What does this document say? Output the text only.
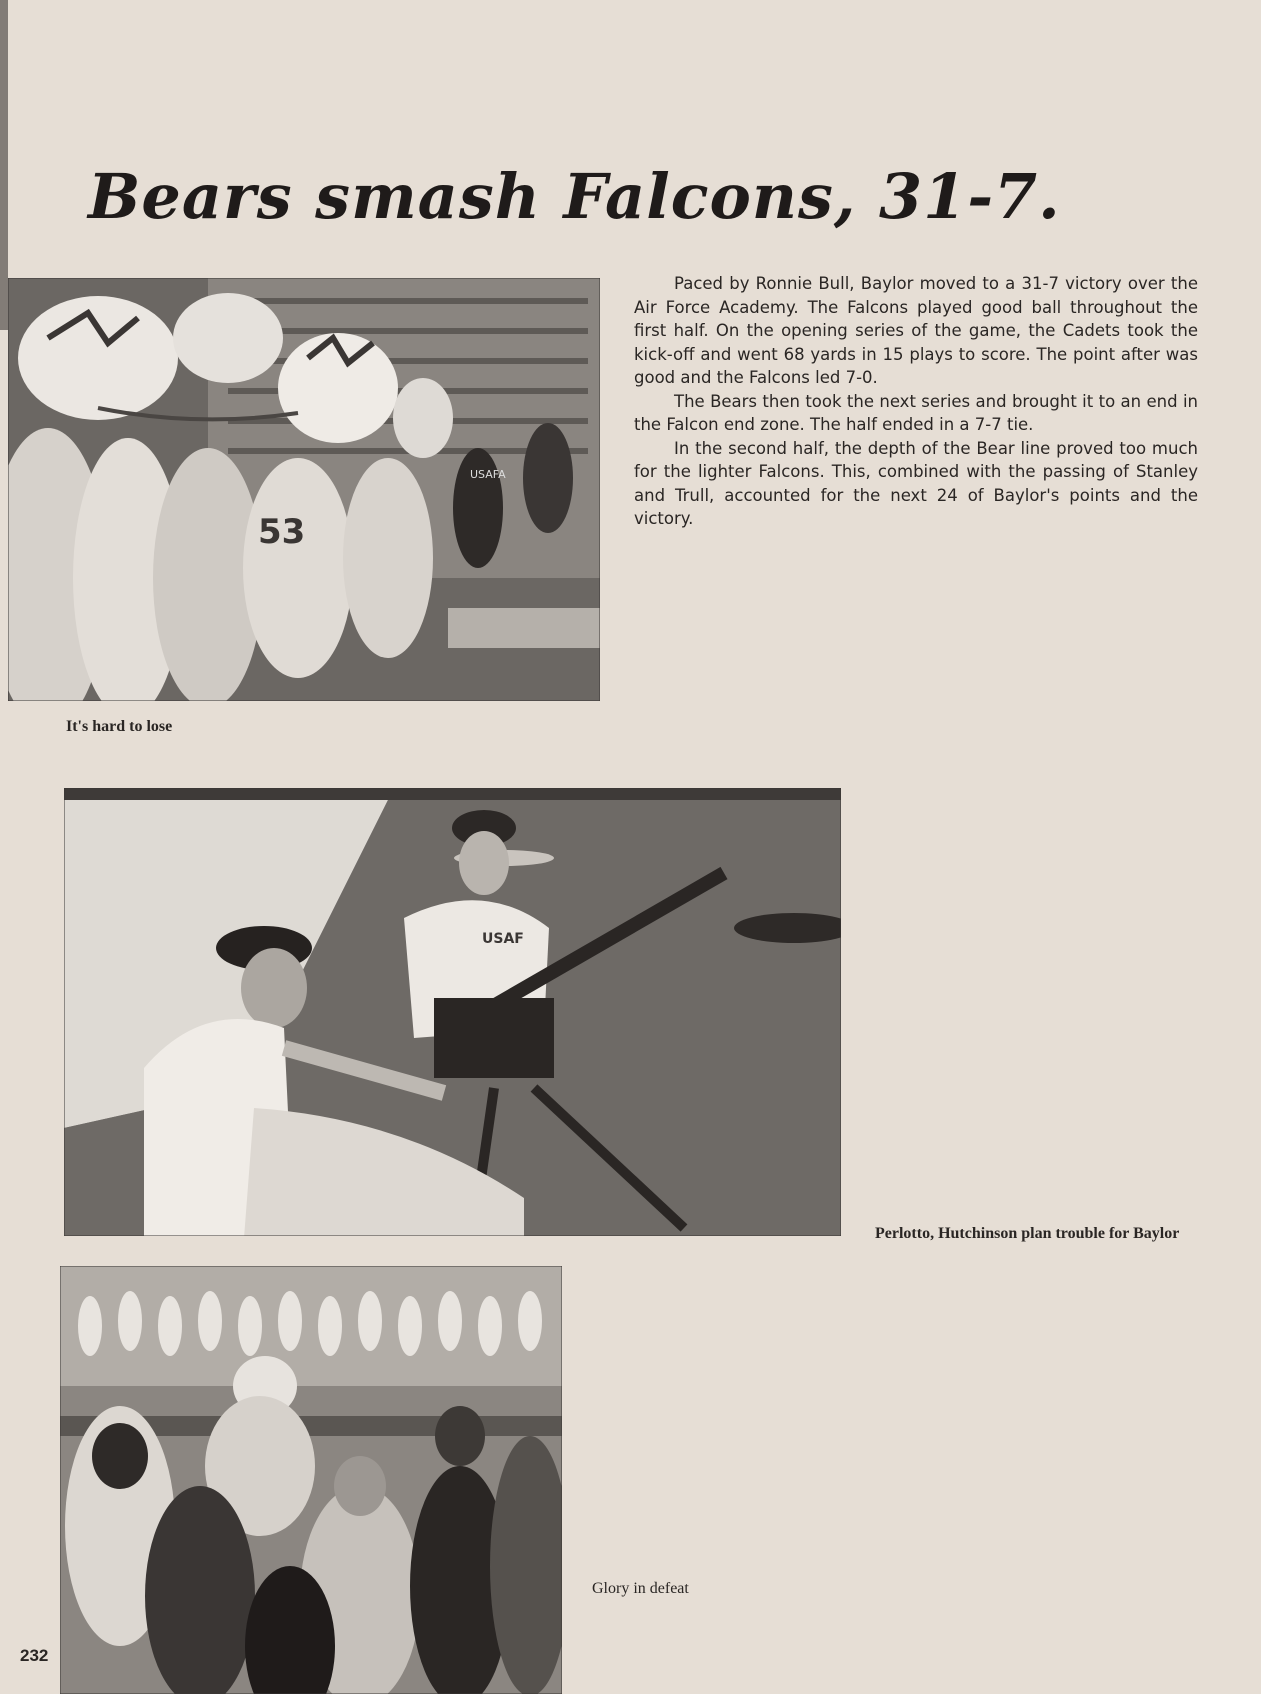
Bears smash Falcons, 31-7.
53
USAFA
It's hard to lose

Paced by Ronnie Bull, Baylor moved to a 31-7 victory over the Air Force Academy. The Falcons played good ball throughout the first half. On the opening series of the game, the Cadets took the kick-off and went 68 yards in 15 plays to score. The point after was good and the Falcons led 7-0.

The Bears then took the next series and brought it to an end in the Falcon end zone. The half ended in a 7-7 tie.

In the second half, the depth of the Bear line proved too much for the lighter Falcons. This, combined with the passing of Stanley and Trull, accounted for the next 24 of Baylor's points and the victory.

USAF
Perlotto, Hutchinson plan trouble for Baylor
Glory in defeat
232
